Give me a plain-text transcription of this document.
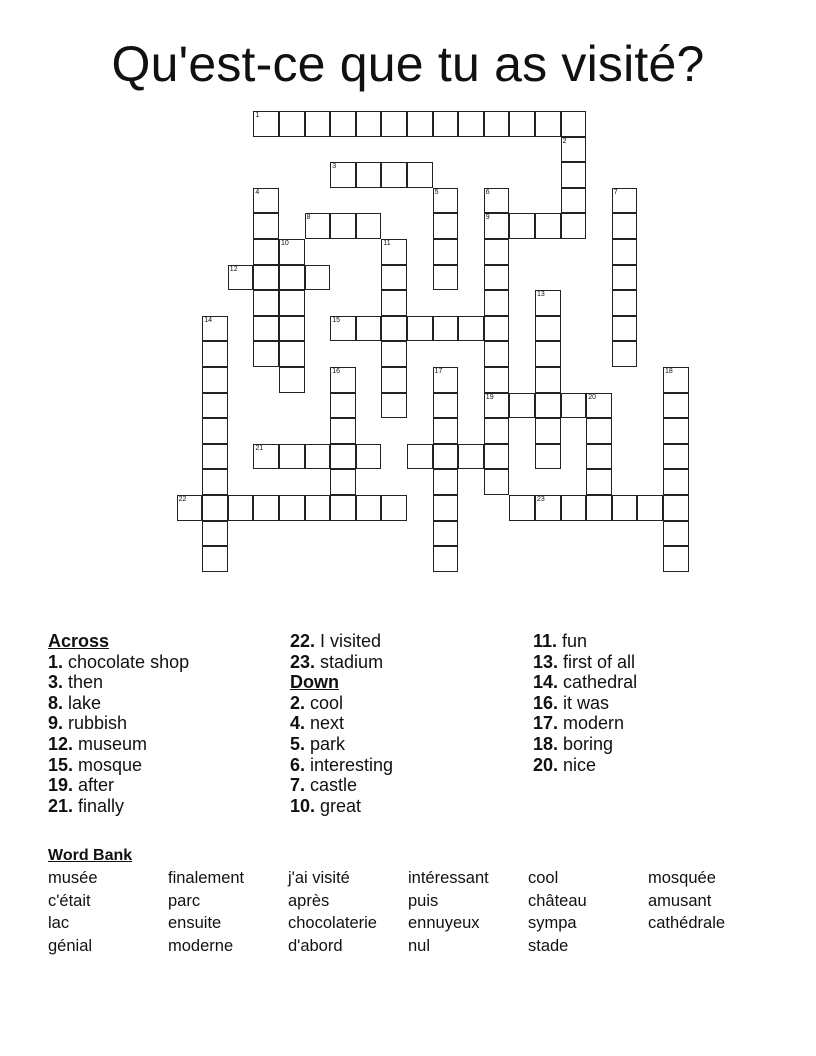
Qu'est-ce que tu as visité?
1
2
3
4	5	6
9
19
7
8
10	11
12
13
14	15
16	17	18
20
21
22	23
Across
1. chocolate shop
3. then
8. lake
9. rubbish
12. museum
15. mosque
19. after
21. finally
22. I visited
23. stadium
Down
2. cool
4. next
5. park
6. interesting
7. castle
10. great
11. fun
13. first of all
14. cathedral
16. it was
17. modern
18. boring
20. nice
Word Bank
musée	finalement	j'ai visité	intéressant	cool	mosquée
c'était	parc	après	puis	château	amusant
lac	ensuite	chocolaterie	ennuyeux	sympa	cathédrale
génial	moderne	d'abord	nul	stade
